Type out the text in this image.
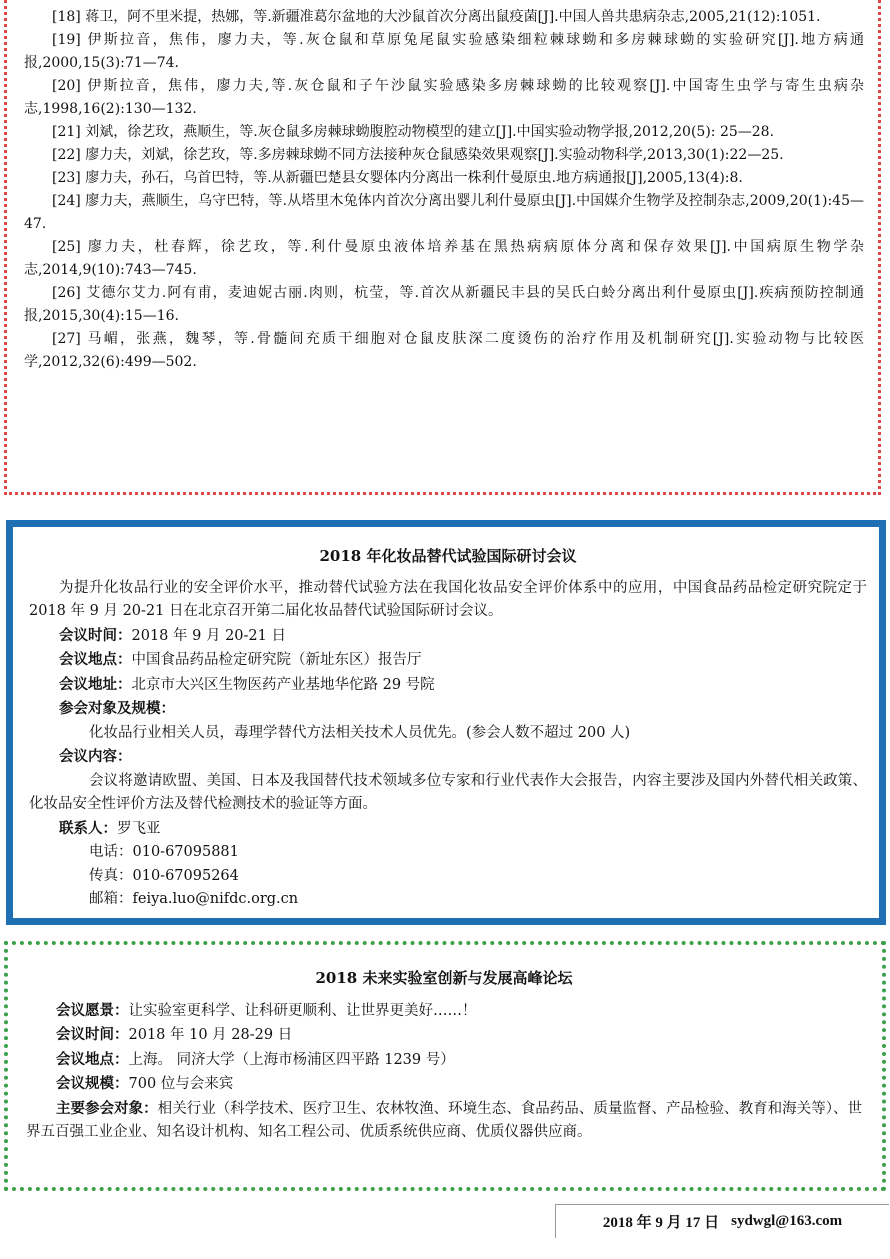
[18] 蒋卫，阿不里米提，热娜，等.新疆准葛尔盆地的大沙鼠首次分离出鼠疫菌[J].中国人兽共患病杂志,2005,21(12):1051.

[19] 伊斯拉音，焦伟，廖力夫，等.灰仓鼠和草原兔尾鼠实验感染细粒棘球蚴和多房棘球蚴的实验研究[J].地方病通报,2000,15(3):71—74.

[20] 伊斯拉音，焦伟，廖力夫,等.灰仓鼠和子午沙鼠实验感染多房棘球蚴的比较观察[J].中国寄生虫学与寄生虫病杂志,1998,16(2):130—132.

[21] 刘斌，徐艺玫，燕顺生，等.灰仓鼠多房棘球蚴腹腔动物模型的建立[J].中国实验动物学报,2012,20(5): 25—28.

[22] 廖力夫，刘斌，徐艺玫，等.多房棘球蚴不同方法接种灰仓鼠感染效果观察[J].实验动物科学,2013,30(1):22—25.

[23] 廖力夫，孙石，乌首巴特，等.从新疆巴楚县女婴体内分离出一株利什曼原虫.地方病通报[J],2005,13(4):8.

[24] 廖力夫，燕顺生，乌守巴特，等.从塔里木兔体内首次分离出婴儿利什曼原虫[J].中国媒介生物学及控制杂志,2009,20(1):45—47.

[25] 廖力夫，杜春辉，徐艺玫，等.利什曼原虫液体培养基在黑热病病原体分离和保存效果[J].中国病原生物学杂志,2014,9(10):743—745.

[26] 艾德尔艾力.阿有甫，麦迪妮古丽.肉则，杭莹，等.首次从新疆民丰县的吴氏白蛉分离出利什曼原虫[J].疾病预防控制通报,2015,30(4):15—16.

[27] 马嵋，张燕，魏琴，等.骨髓间充质干细胞对仓鼠皮肤深二度烫伤的治疗作用及机制研究[J].实验动物与比较医学,2012,32(6):499—502.

2018 年化妆品替代试验国际研讨会议

为提升化妆品行业的安全评价水平，推动替代试验方法在我国化妆品安全评价体系中的应用，中国食品药品检定研究院定于 2018 年 9 月 20-21 日在北京召开第二届化妆品替代试验国际研讨会议。

会议时间：2018 年 9 月 20-21 日

会议地点：中国食品药品检定研究院（新址东区）报告厅

会议地址：北京市大兴区生物医药产业基地华佗路 29 号院

参会对象及规模：

化妆品行业相关人员，毒理学替代方法相关技术人员优先。(参会人数不超过 200 人)

会议内容：

会议将邀请欧盟、美国、日本及我国替代技术领域多位专家和行业代表作大会报告，内容主要涉及国内外替代相关政策、化妆品安全性评价方法及替代检测技术的验证等方面。

联系人：罗飞亚

电话：010-67095881

传真：010-67095264

邮箱：feiya.luo@nifdc.org.cn

2018 未来实验室创新与发展高峰论坛

会议愿景：让实验室更科学、让科研更顺利、让世界更美好……！

会议时间：2018 年 10 月 28-29 日

会议地点：上海。 同济大学（上海市杨浦区四平路 1239 号）

会议规模：700 位与会来宾

主要参会对象：相关行业（科学技术、医疗卫生、农林牧渔、环境生态、食品药品、质量监督、产品检验、教育和海关等）、世界五百强工业企业、知名设计机构、知名工程公司、优质系统供应商、优质仪器供应商。

2018 年 9 月 17 日 sydwgl@163.com
